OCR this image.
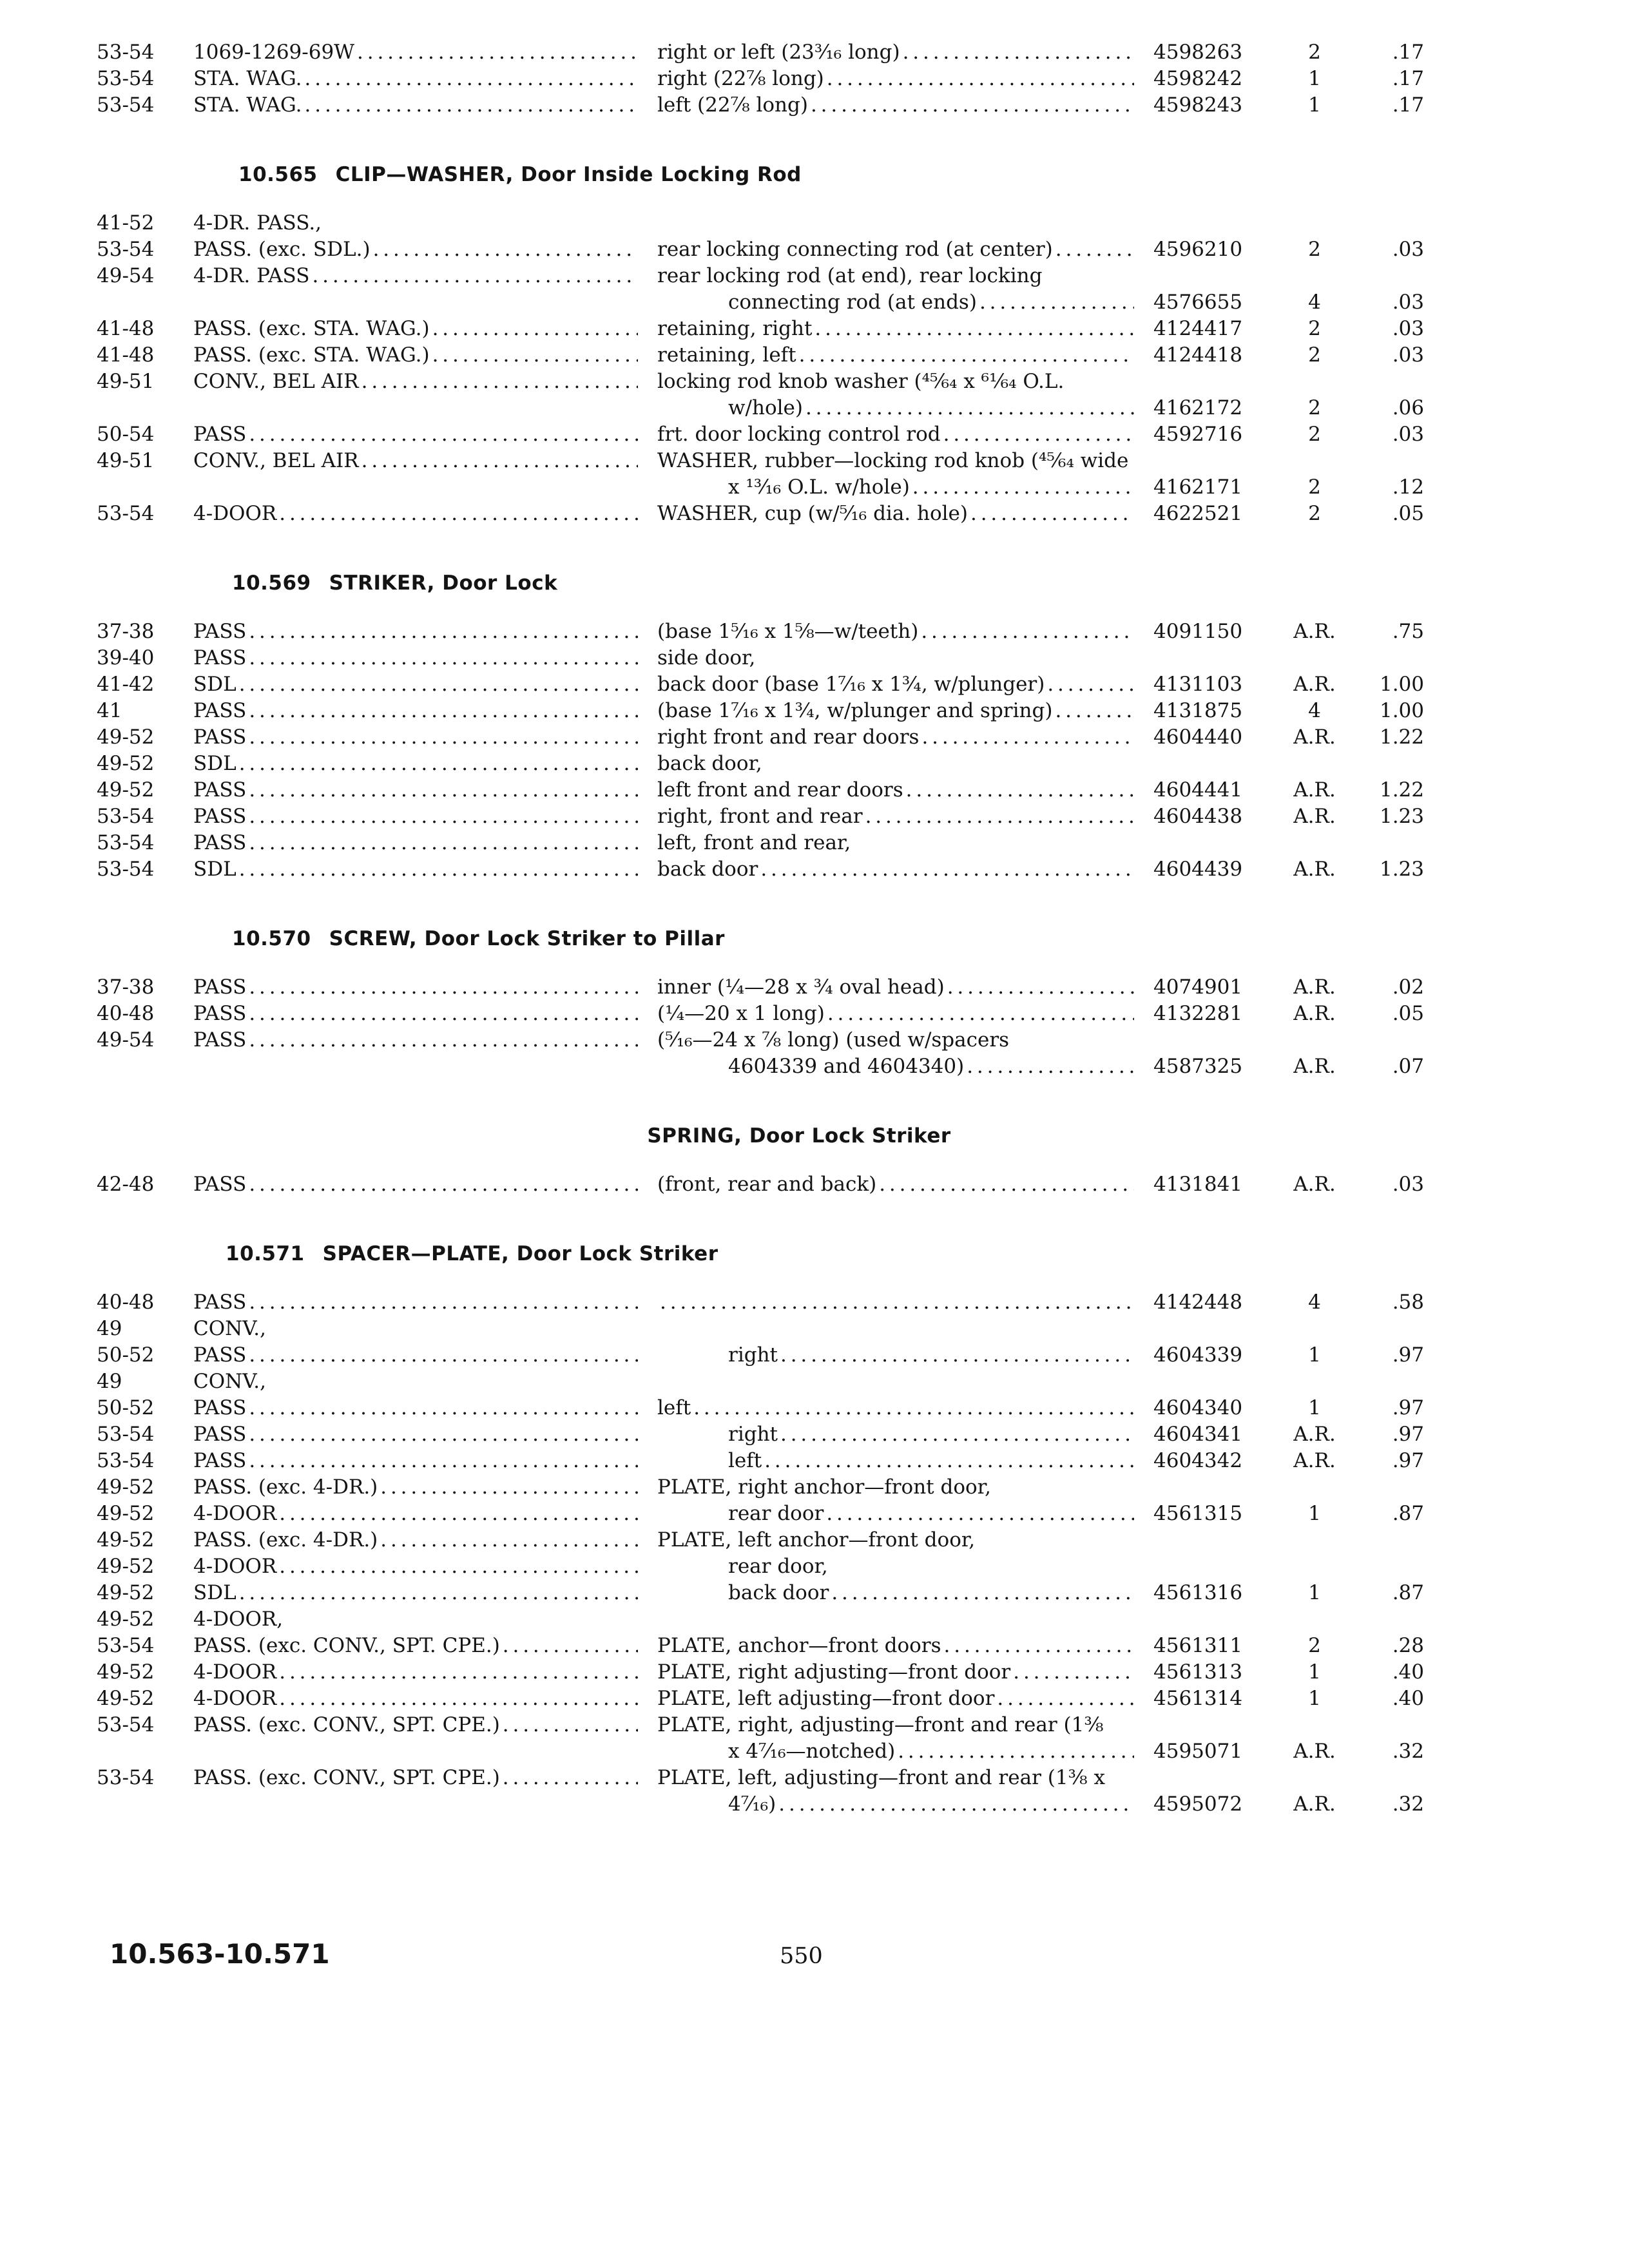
53-54	1069-1269-69W . . .	right or left (23³⁄₁₆ long) . . .	4598263	2	.17
53-54	STA. WAG. . . .	right (22⁷⁄₈ long) . . .	4598242	1	.17
53-54	STA. WAG. . . .	left (22⁷⁄₈ long) . . .	4598243	1	.17
10.565 CLIP—WASHER, Door Inside Locking Rod
41-52	4-DR. PASS.,
53-54	PASS. (exc. SDL.) . . .	rear locking connecting rod (at center) . . .	4596210	2	.03
49-54	4-DR. PASS . . .	rear locking rod (at end), rear locking
connecting rod (at ends) . . .	4576655	4	.03
41-48	PASS. (exc. STA. WAG.) . . .	retaining, right . . .	4124417	2	.03
41-48	PASS. (exc. STA. WAG.) . . .	retaining, left . . .	4124418	2	.03
49-51	CONV., BEL AIR . . .	locking rod knob washer (⁴⁵⁄₆₄ x ⁶¹⁄₆₄ O.L.
w/hole) . . .	4162172	2	.06
50-54	PASS . . .	frt. door locking control rod . . .	4592716	2	.03
49-51	CONV., BEL AIR . . .	WASHER, rubber—locking rod knob (⁴⁵⁄₆₄ wide
x ¹³⁄₁₆ O.L. w/hole) . . .	4162171	2	.12
53-54	4-DOOR . . .	WASHER, cup (w/⁵⁄₁₆ dia. hole) . . .	4622521	2	.05
10.569 STRIKER, Door Lock
37-38	PASS . . .	(base 1⁵⁄₁₆ x 1⁵⁄₈—w/teeth) . . .	4091150	A.R.	.75
39-40	PASS . . .	side door,
41-42	SDL . . .	back door (base 1⁷⁄₁₆ x 1¾, w/plunger) . . .	4131103	A.R.	1.00
41	PASS . . .	(base 1⁷⁄₁₆ x 1¾, w/plunger and spring) . . .	4131875	4	1.00
49-52	PASS . . .	right front and rear doors . . .	4604440	A.R.	1.22
49-52	SDL . . .	back door,
49-52	PASS . . .	left front and rear doors . . .	4604441	A.R.	1.22
53-54	PASS . . .	right, front and rear . . .	4604438	A.R.	1.23
53-54	PASS . . .	left, front and rear,
53-54	SDL . . .	back door . . .	4604439	A.R.	1.23
10.570 SCREW, Door Lock Striker to Pillar
37-38	PASS . . .	inner (¼—28 x ¾ oval head) . . .	4074901	A.R.	.02
40-48	PASS . . .	(¼—20 x 1 long) . . .	4132281	A.R.	.05
49-54	PASS . . .	(⁵⁄₁₆—24 x ⁷⁄₈ long) (used w/spacers
4604339 and 4604340) . . .	4587325	A.R.	.07
SPRING, Door Lock Striker
42-48	PASS . . .	(front, rear and back) . . .	4131841	A.R.	.03
10.571 SPACER—PLATE, Door Lock Striker
40-48	PASS . . . . . .	4142448	4	.58
49	CONV.,
50-52	PASS . . .	right . . .	4604339	1	.97
49	CONV.,
50-52	PASS . . .	left . . .	4604340	1	.97
53-54	PASS . . .	right . . .	4604341	A.R.	.97
53-54	PASS . . .	left . . .	4604342	A.R.	.97
49-52	PASS. (exc. 4-DR.) . . .	PLATE, right anchor—front door,
49-52	4-DOOR . . .	rear door . . .	4561315	1	.87
49-52	PASS. (exc. 4-DR.) . . .	PLATE, left anchor—front door,
49-52	4-DOOR . . .	rear door,
49-52	SDL . . .	back door . . .	4561316	1	.87
49-52	4-DOOR,
53-54	PASS. (exc. CONV., SPT. CPE.) . . .	PLATE, anchor—front doors . . .	4561311	2	.28
49-52	4-DOOR . . .	PLATE, right adjusting—front door . . .	4561313	1	.40
49-52	4-DOOR . . .	PLATE, left adjusting—front door . . .	4561314	1	.40
53-54	PASS. (exc. CONV., SPT. CPE.) . . .	PLATE, right, adjusting—front and rear (1³⁄₈
x 4⁷⁄₁₆—notched) . . .	4595071	A.R.	.32
53-54	PASS. (exc. CONV., SPT. CPE.) . . .	PLATE, left, adjusting—front and rear (1³⁄₈ x
4⁷⁄₁₆) . . .	4595072	A.R.	.32
10.563-10.571	550
